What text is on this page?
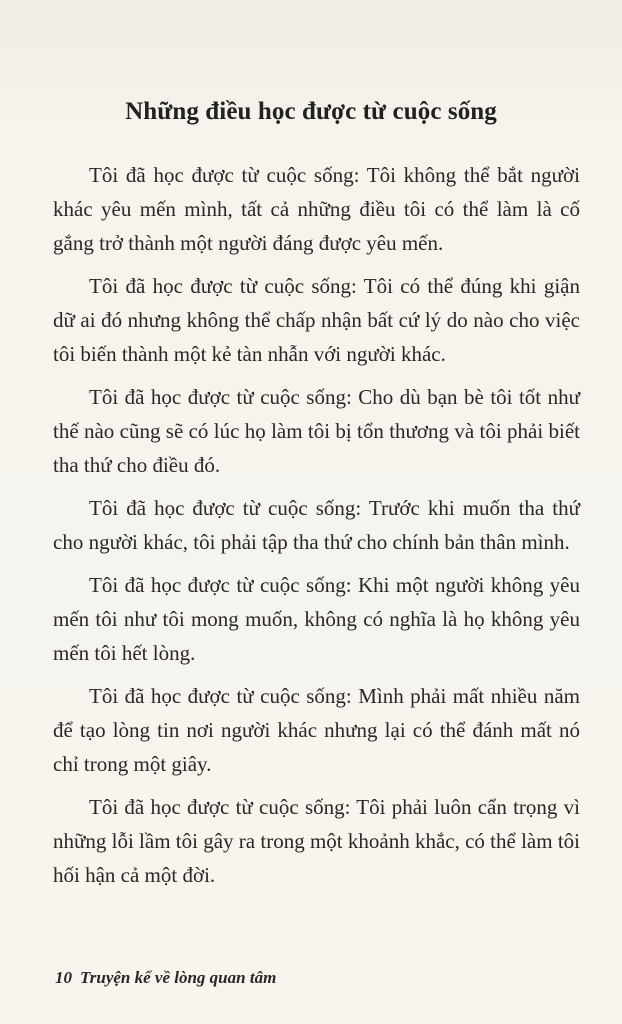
Những điều học được từ cuộc sống

Tôi đã học được từ cuộc sống: Tôi không thể bắt người khác yêu mến mình, tất cả những điều tôi có thể làm là cố gắng trở thành một người đáng được yêu mến.

Tôi đã học được từ cuộc sống: Tôi có thể đúng khi giận dữ ai đó nhưng không thể chấp nhận bất cứ lý do nào cho việc tôi biến thành một kẻ tàn nhẫn với người khác.

Tôi đã học được từ cuộc sống: Cho dù bạn bè tôi tốt như thế nào cũng sẽ có lúc họ làm tôi bị tổn thương và tôi phải biết tha thứ cho điều đó.

Tôi đã học được từ cuộc sống: Trước khi muốn tha thứ cho người khác, tôi phải tập tha thứ cho chính bản thân mình.

Tôi đã học được từ cuộc sống: Khi một người không yêu mến tôi như tôi mong muốn, không có nghĩa là họ không yêu mến tôi hết lòng.

Tôi đã học được từ cuộc sống: Mình phải mất nhiều năm để tạo lòng tin nơi người khác nhưng lại có thể đánh mất nó chỉ trong một giây.

Tôi đã học được từ cuộc sống: Tôi phải luôn cẩn trọng vì những lỗi lầm tôi gây ra trong một khoảnh khắc, có thể làm tôi hối hận cả một đời.

10 Truyện kể về lòng quan tâm
